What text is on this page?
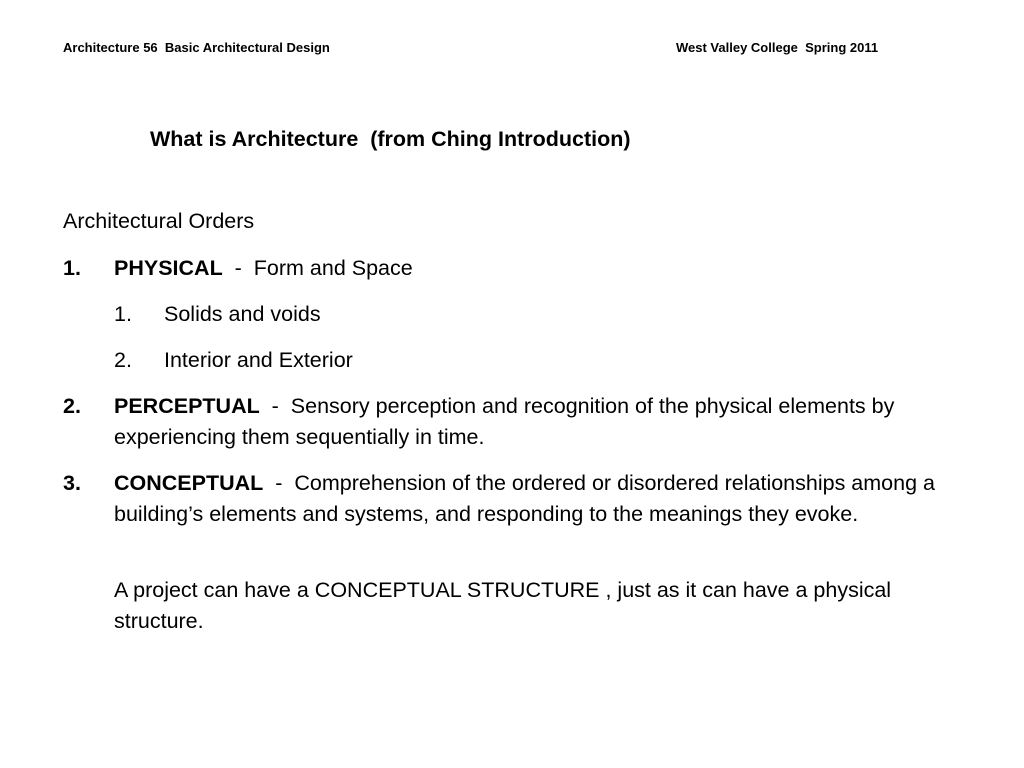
Architecture 56  Basic Architectural Design	West Valley College  Spring 2011
What is Architecture  (from Ching Introduction)
Architectural Orders
1. PHYSICAL  -  Form and Space
1. Solids and voids
2. Interior and Exterior
2. PERCEPTUAL  -  Sensory perception and recognition of the physical elements by experiencing them sequentially in time.
3. CONCEPTUAL  -  Comprehension of the ordered or disordered relationships among a building’s elements and systems, and responding to the meanings they evoke.
A project can have a CONCEPTUAL STRUCTURE , just as it can have a physical structure.
